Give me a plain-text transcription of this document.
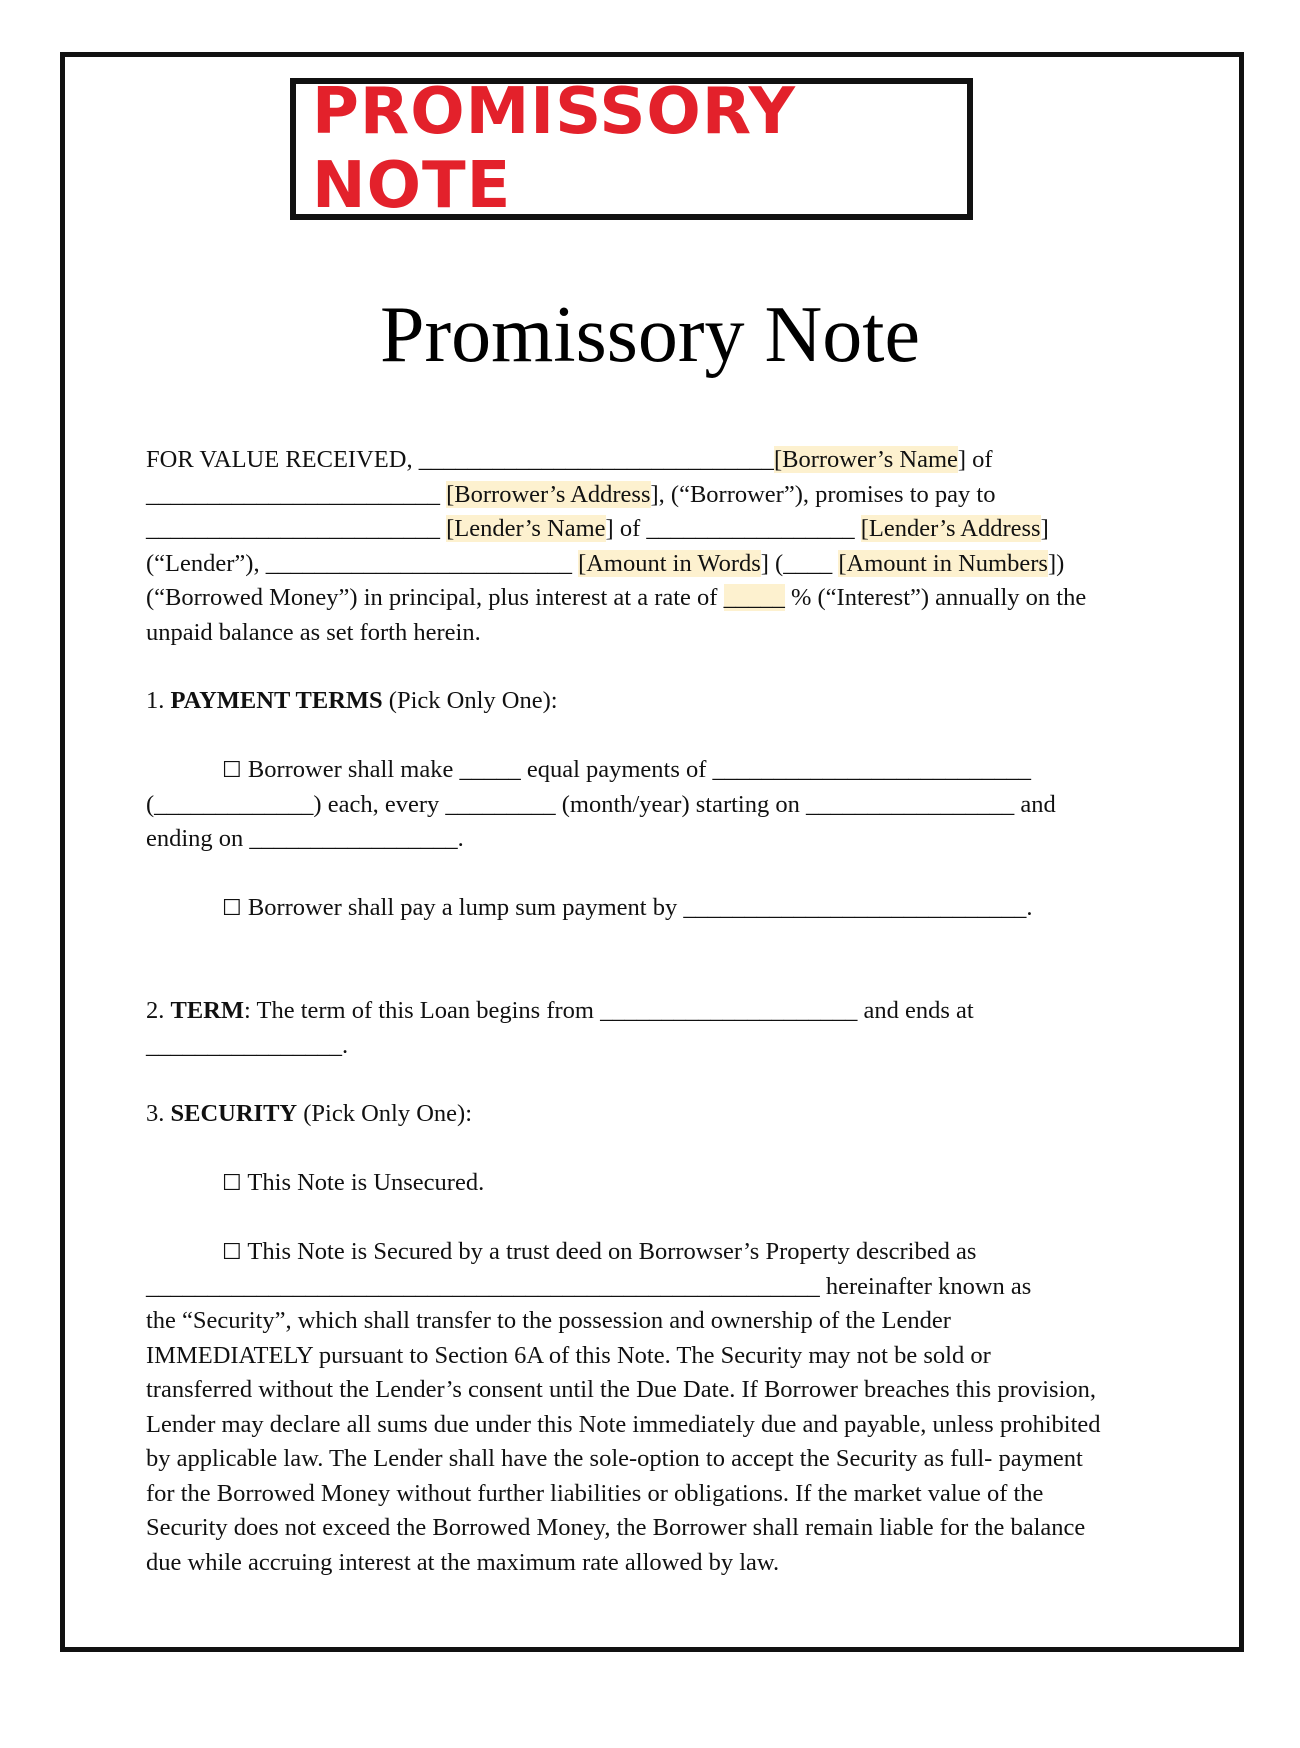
PROMISSORY NOTE
Promissory Note
FOR VALUE RECEIVED, _____________________________[Borrower’s Name] of
________________________ [Borrower’s Address], (“Borrower”), promises to pay to
________________________ [Lender’s Name] of _________________ [Lender’s Address]
(“Lender”), _________________________ [Amount in Words] (____ [Amount in Numbers])
(“Borrowed Money”) in principal, plus interest at a rate of _____ % (“Interest”) annually on the
unpaid balance as set forth herein.
1. PAYMENT TERMS (Pick Only One):
☐ Borrower shall make _____ equal payments of __________________________
(_____________) each, every _________ (month/year) starting on _________________ and
ending on _________________.
☐ Borrower shall pay a lump sum payment by ____________________________.
2. TERM: The term of this Loan begins from _____________________ and ends at
________________.
3. SECURITY (Pick Only One):
☐ This Note is Unsecured.
☐ This Note is Secured by a trust deed on Borrowser’s Property described as
_______________________________________________________ hereinafter known as
the “Security”, which shall transfer to the possession and ownership of the Lender
IMMEDIATELY pursuant to Section 6A of this Note. The Security may not be sold or
transferred without the Lender’s consent until the Due Date. If Borrower breaches this provision,
Lender may declare all sums due under this Note immediately due and payable, unless prohibited
by applicable law. The Lender shall have the sole-option to accept the Security as full- payment
for the Borrowed Money without further liabilities or obligations. If the market value of the
Security does not exceed the Borrowed Money, the Borrower shall remain liable for the balance
due while accruing interest at the maximum rate allowed by law.
